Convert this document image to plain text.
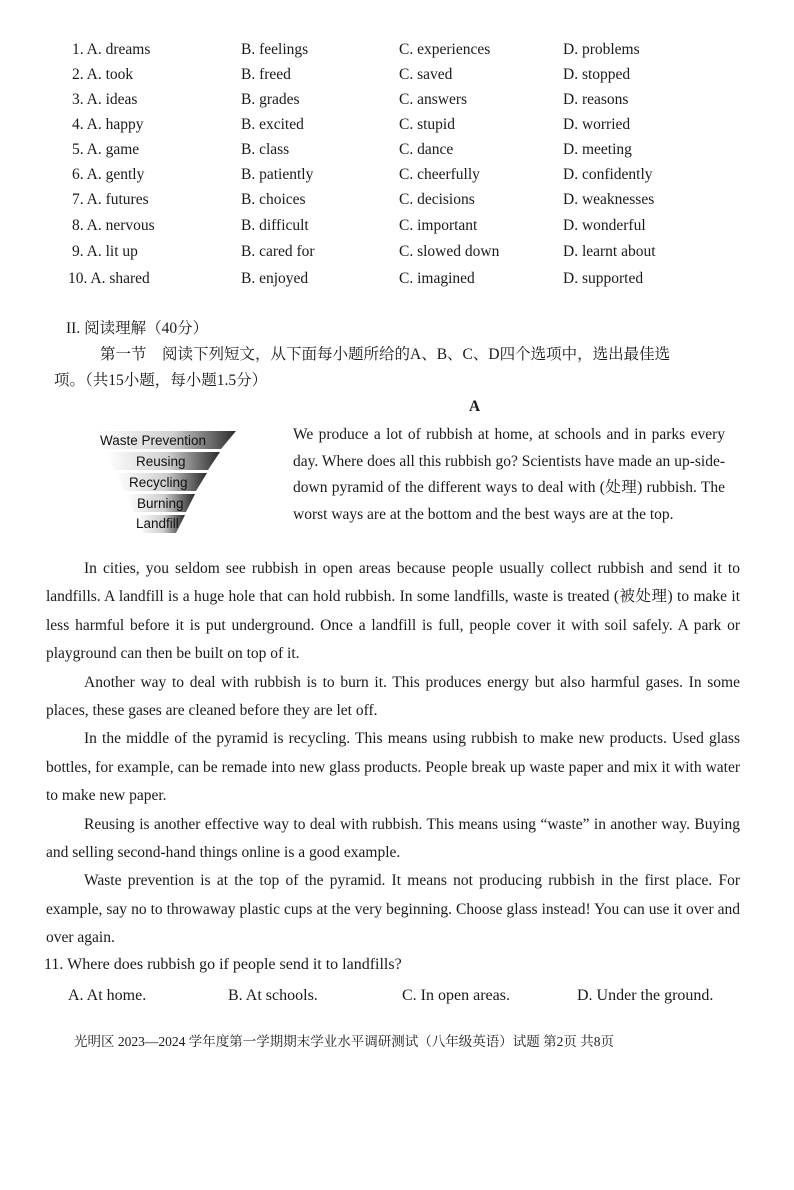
1. A. dreams	B. feelings	C. experiences	D. problems
2. A. took	B. freed	C. saved	D. stopped
3. A. ideas	B. grades	C. answers	D. reasons
4. A. happy	B. excited	C. stupid	D. worried
5. A. game	B. class	C. dance	D. meeting
6. A. gently	B. patiently	C. cheerfully	D. confidently
7. A. futures	B. choices	C. decisions	D. weaknesses
8. A. nervous	B. difficult	C. important	D. wonderful
9. A. lit up	B. cared for	C. slowed down	D. learnt about
10. A. shared	B. enjoyed	C. imagined	D. supported
II. 阅读理解（40分）
第一节　阅读下列短文，从下面每小题所给的A、B、C、D四个选项中，选出最佳选
项。（共15小题，每小题1.5分）
A
Waste Prevention
Reusing
Recycling
Burning
Landfill
We produce a lot of rubbish at home, at schools and in parks every day. Where does all this rubbish go? Scientists have made an up-side-down pyramid of the different ways to deal with (处理) rubbish. The worst ways are at the bottom and the best ways are at the top.

In cities, you seldom see rubbish in open areas because people usually collect rubbish and send it to landfills. A landfill is a huge hole that can hold rubbish. In some landfills, waste is treated (被处理) to make it less harmful before it is put underground. Once a landfill is full, people cover it with soil safely. A park or playground can then be built on top of it.

Another way to deal with rubbish is to burn it. This produces energy but also harmful gases. In some places, these gases are cleaned before they are let off.

In the middle of the pyramid is recycling. This means using rubbish to make new products. Used glass bottles, for example, can be remade into new glass products. People break up waste paper and mix it with water to make new paper.

Reusing is another effective way to deal with rubbish. This means using “waste” in another way. Buying and selling second-hand things online is a good example.

Waste prevention is at the top of the pyramid. It means not producing rubbish in the first place. For example, say no to throwaway plastic cups at the very beginning. Choose glass instead! You can use it over and over again.

11. Where does rubbish go if people send it to landfills?
A. At home.	B. At schools.	C. In open areas.	D. Under the ground.
光明区 2023—2024 学年度第一学期期末学业水平调研测试（八年级英语）试题 第2页 共8页
